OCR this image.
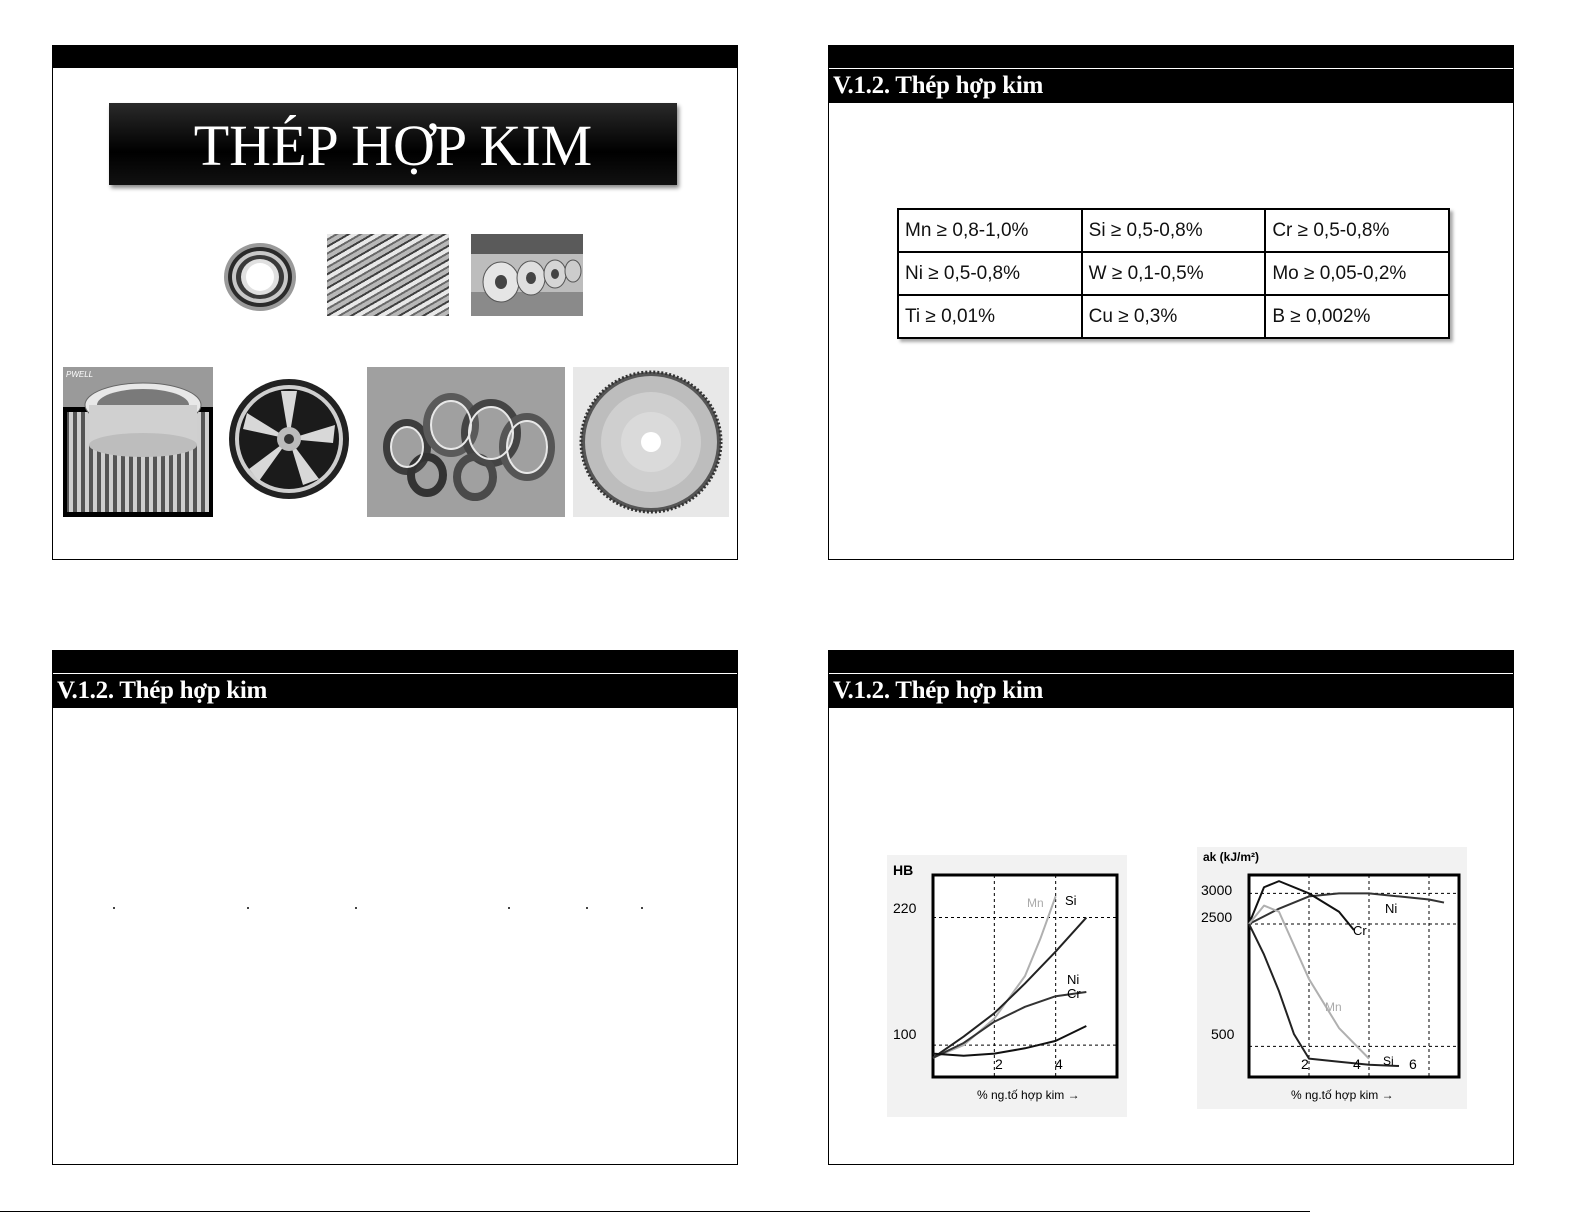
THÉP HỢP KIM
PWELL
V.1.2. Thép hợp kim
Mn ≥ 0,8-1,0%	Si ≥ 0,5-0,8%	Cr ≥ 0,5-0,8%
Ni ≥ 0,5-0,8%	W ≥ 0,1-0,5%	Mo ≥ 0,05-0,2%
Ti ≥ 0,01%	Cu ≥ 0,3%	B ≥ 0,002%
V.1.2. Thép hợp kim	V.1.2. Thép hợp kim
HB
220
100
2	4
Mn Si
Ni
Cr
% ng.tố hợp kim →
ak (kJ/m²)
3000
2500
500
2	4	6
Ni
Cr
Mn
Si
% ng.tố hợp kim →
